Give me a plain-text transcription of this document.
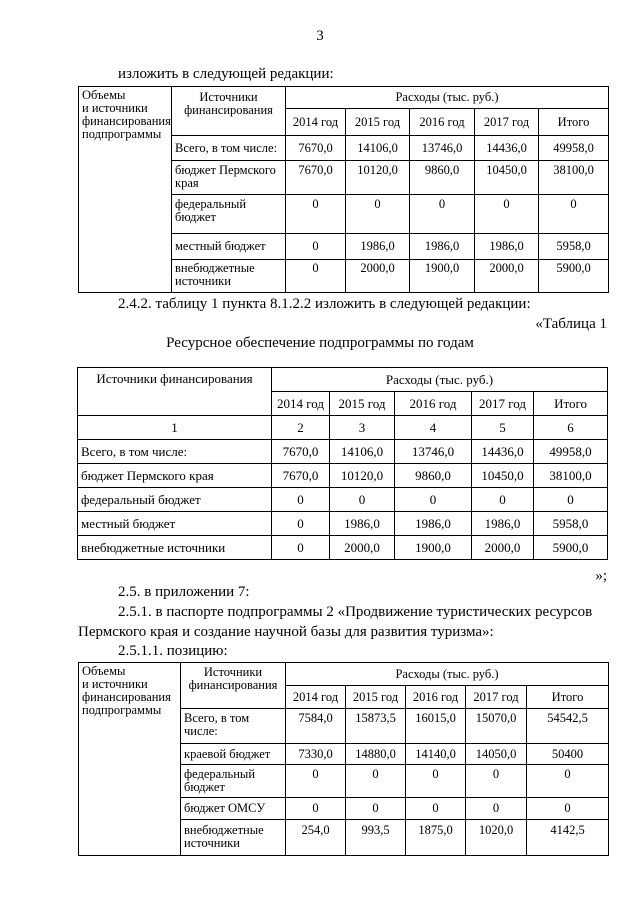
3
изложить в следующей редакции:
Объемы
и источники
финансирования
подпрограммы	Источники
финансирования	Расходы (тыс. руб.)				
		2014 год	2015 год	2016 год	2017 год	Итого
	Всего, в том числе:	7670,0	14106,0	13746,0	14436,0	49958,0
	бюджет Пермского
края	7670,0	10120,0	9860,0	10450,0	38100,0
	федеральный
бюджет	0	0	0	0	0
	местный бюджет	0	1986,0	1986,0	1986,0	5958,0
	внебюджетные
источники	0	2000,0	1900,0	2000,0	5900,0
2.4.2. таблицу 1 пункта 8.1.2.2 изложить в следующей редакции:
«Таблица 1
Ресурсное обеспечение подпрограммы по годам
Источники финансирования	Расходы (тыс. руб.)				
	2014 год	2015 год	2016 год	2017 год	Итого
1	2	3	4	5	6
Всего, в том числе:	7670,0	14106,0	13746,0	14436,0	49958,0
бюджет Пермского края	7670,0	10120,0	9860,0	10450,0	38100,0
федеральный бюджет	0	0	0	0	0
местный бюджет	0	1986,0	1986,0	1986,0	5958,0
внебюджетные источники	0	2000,0	1900,0	2000,0	5900,0
»;
2.5. в приложении 7:
2.5.1. в паспорте подпрограммы 2 «Продвижение туристических ресурсов
Пермского края и создание научной базы для развития туризма»:
2.5.1.1. позицию:
Объемы
и источники
финансирования
подпрограммы	Источники
финансирования	Расходы (тыс. руб.)				
		2014 год	2015 год	2016 год	2017 год	Итого
	Всего, в том
числе:	7584,0	15873,5	16015,0	15070,0	54542,5
	краевой бюджет	7330,0	14880,0	14140,0	14050,0	50400
	федеральный
бюджет	0	0	0	0	0
	бюджет ОМСУ	0	0	0	0	0
	внебюджетные
источники	254,0	993,5	1875,0	1020,0	4142,5
